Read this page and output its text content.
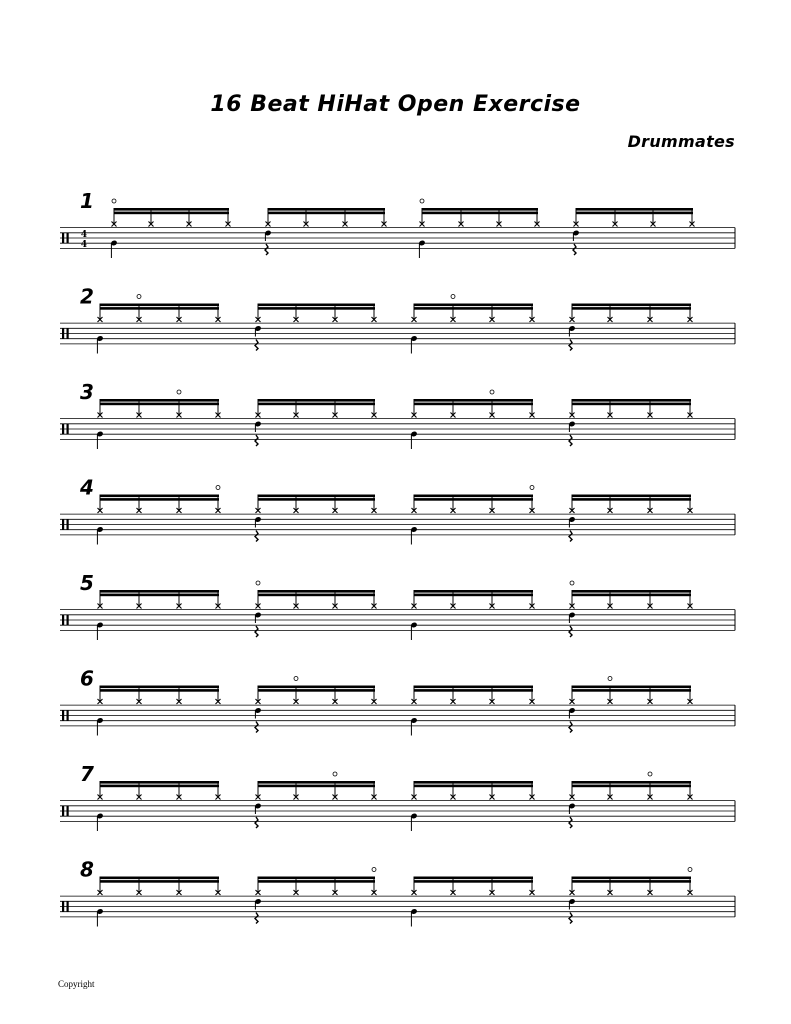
16 Beat HiHat Open Exercise
Drummates
Copyright
1
4
4
2
3
4
5
6
7
8
